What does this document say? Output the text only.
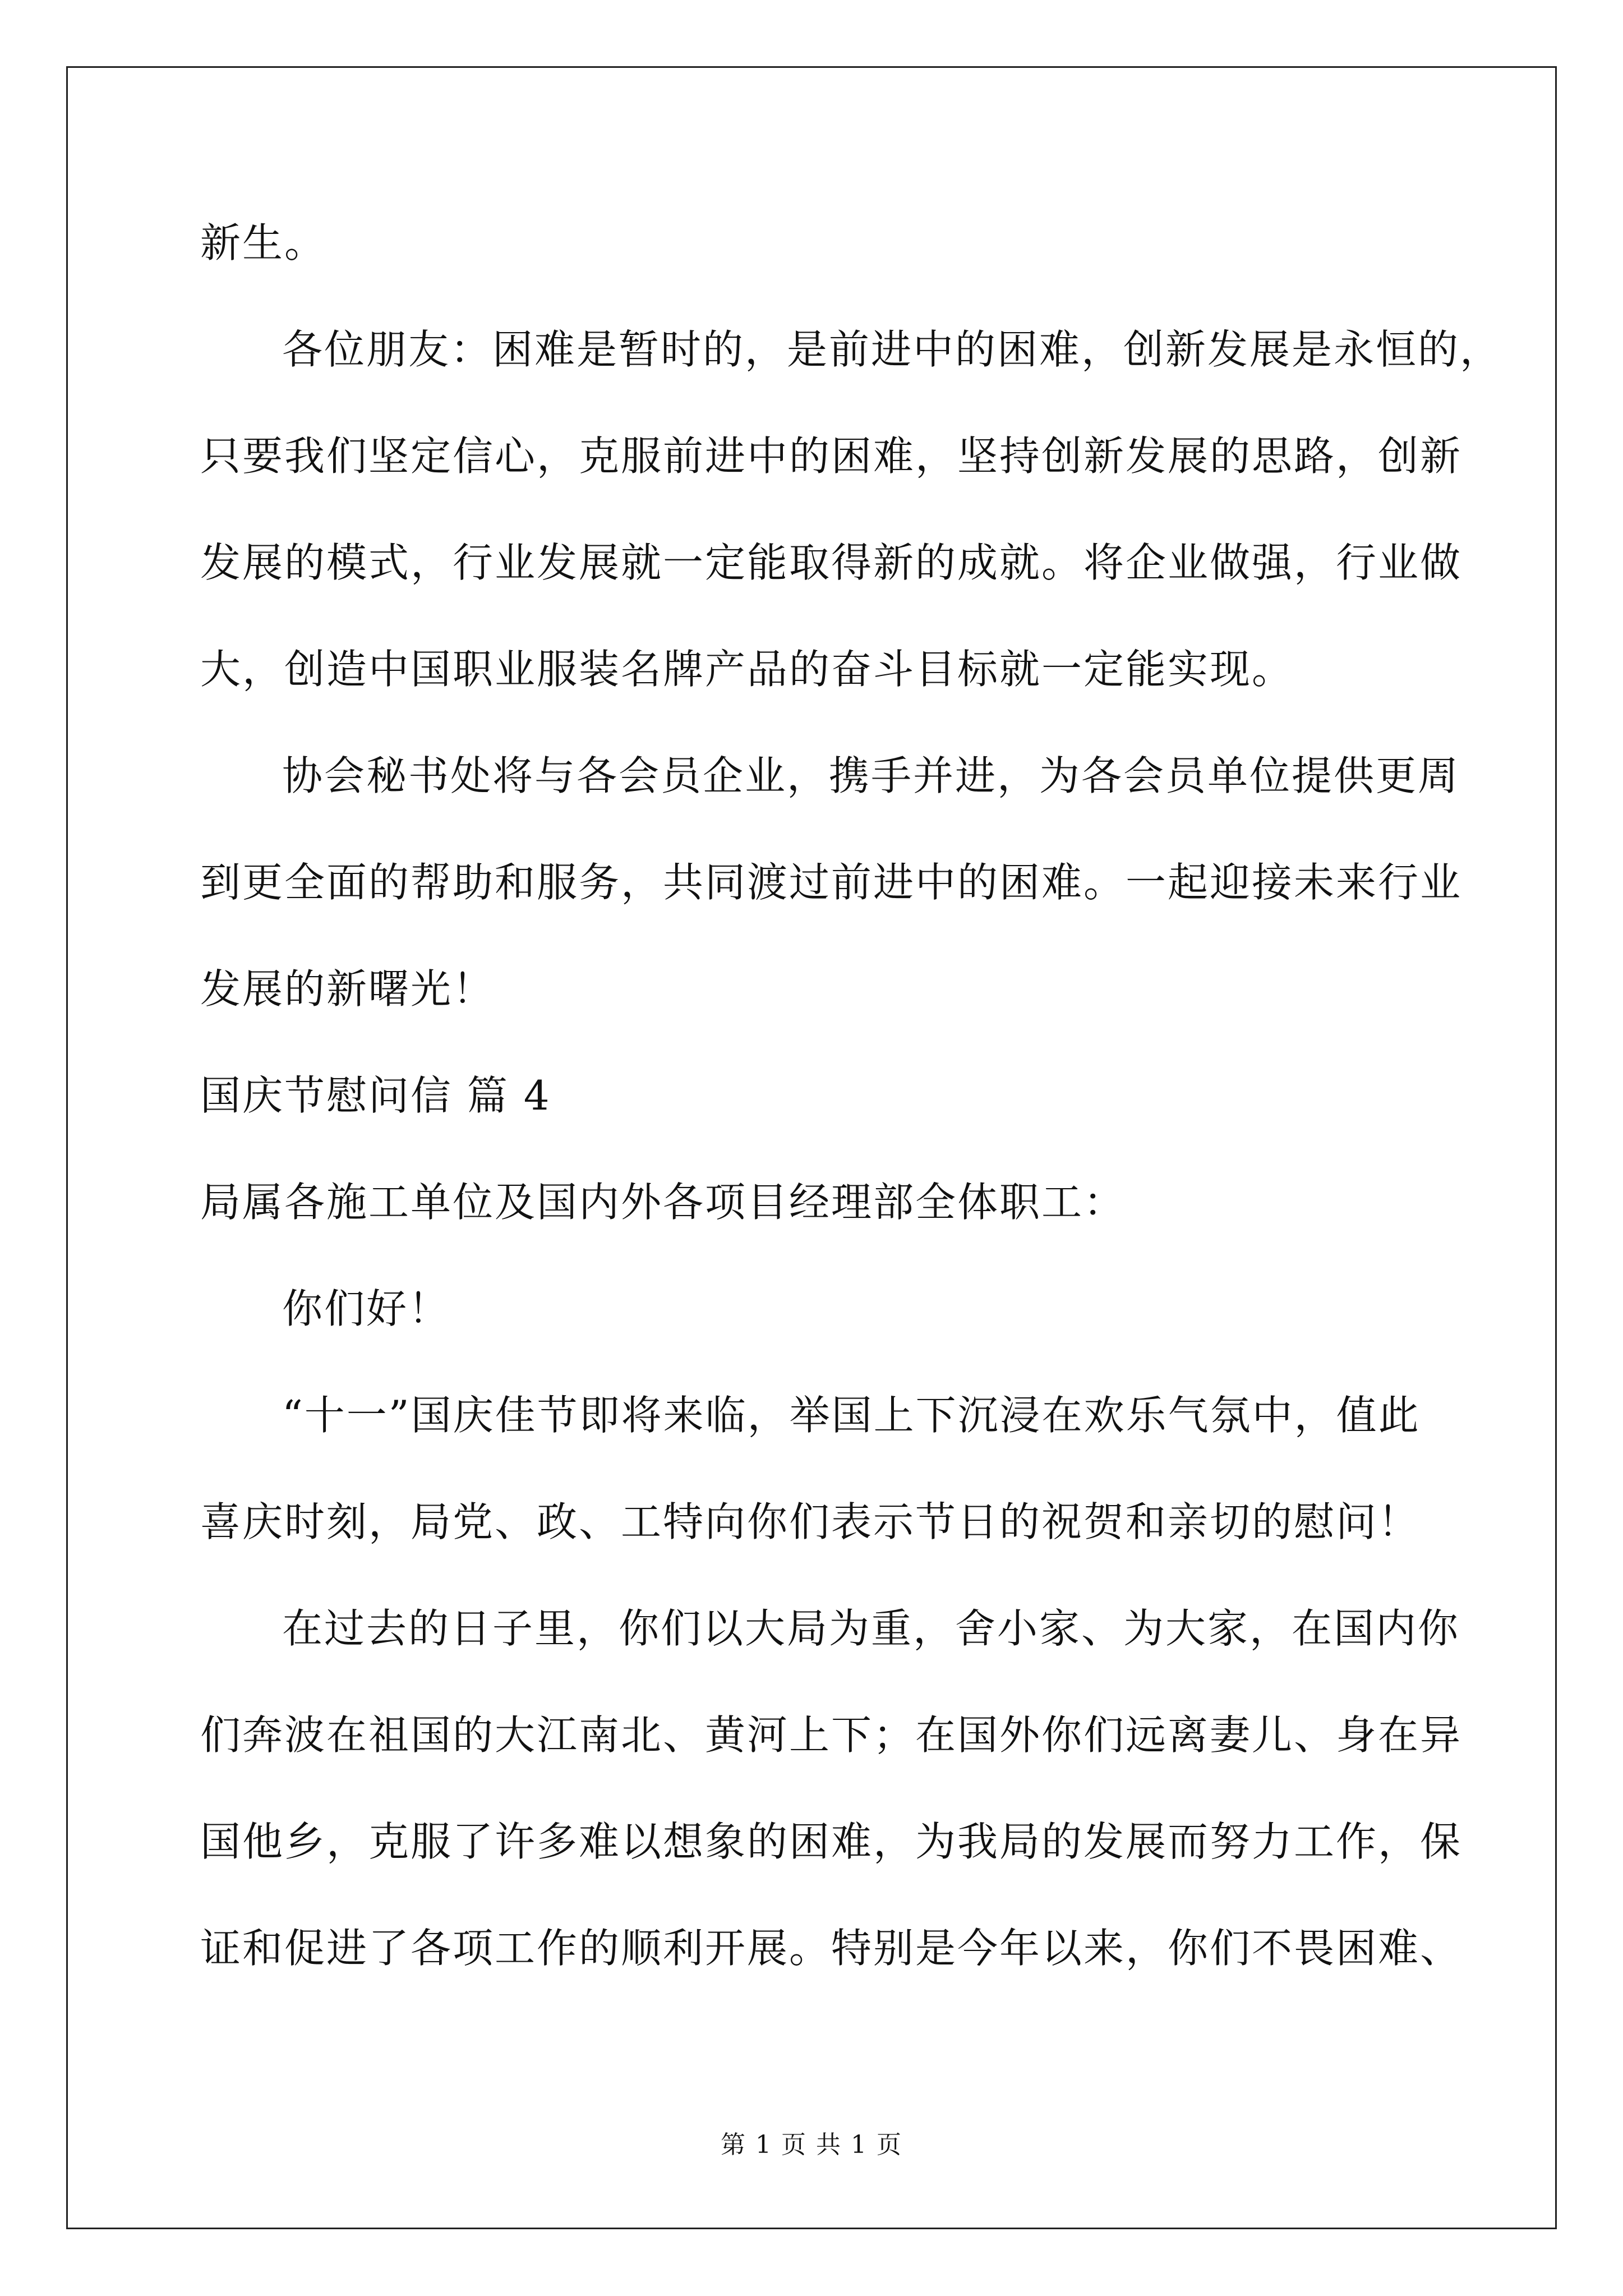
新生。

各位朋友：困难是暂时的，是前进中的困难，创新发展是永恒的，

只要我们坚定信心，克服前进中的困难，坚持创新发展的思路，创新

发展的模式，行业发展就一定能取得新的成就。将企业做强，行业做

大，创造中国职业服装名牌产品的奋斗目标就一定能实现。

协会秘书处将与各会员企业，携手并进，为各会员单位提供更周

到更全面的帮助和服务，共同渡过前进中的困难。一起迎接未来行业

发展的新曙光！

国庆节慰问信 篇 4

局属各施工单位及国内外各项目经理部全体职工：

你们好！

“十一”国庆佳节即将来临，举国上下沉浸在欢乐气氛中，值此

喜庆时刻，局党、政、工特向你们表示节日的祝贺和亲切的慰问！

在过去的日子里，你们以大局为重，舍小家、为大家，在国内你

们奔波在祖国的大江南北、黄河上下；在国外你们远离妻儿、身在异

国他乡，克服了许多难以想象的困难，为我局的发展而努力工作，保

证和促进了各项工作的顺利开展。特别是今年以来，你们不畏困难、

第 1 页 共 1 页
